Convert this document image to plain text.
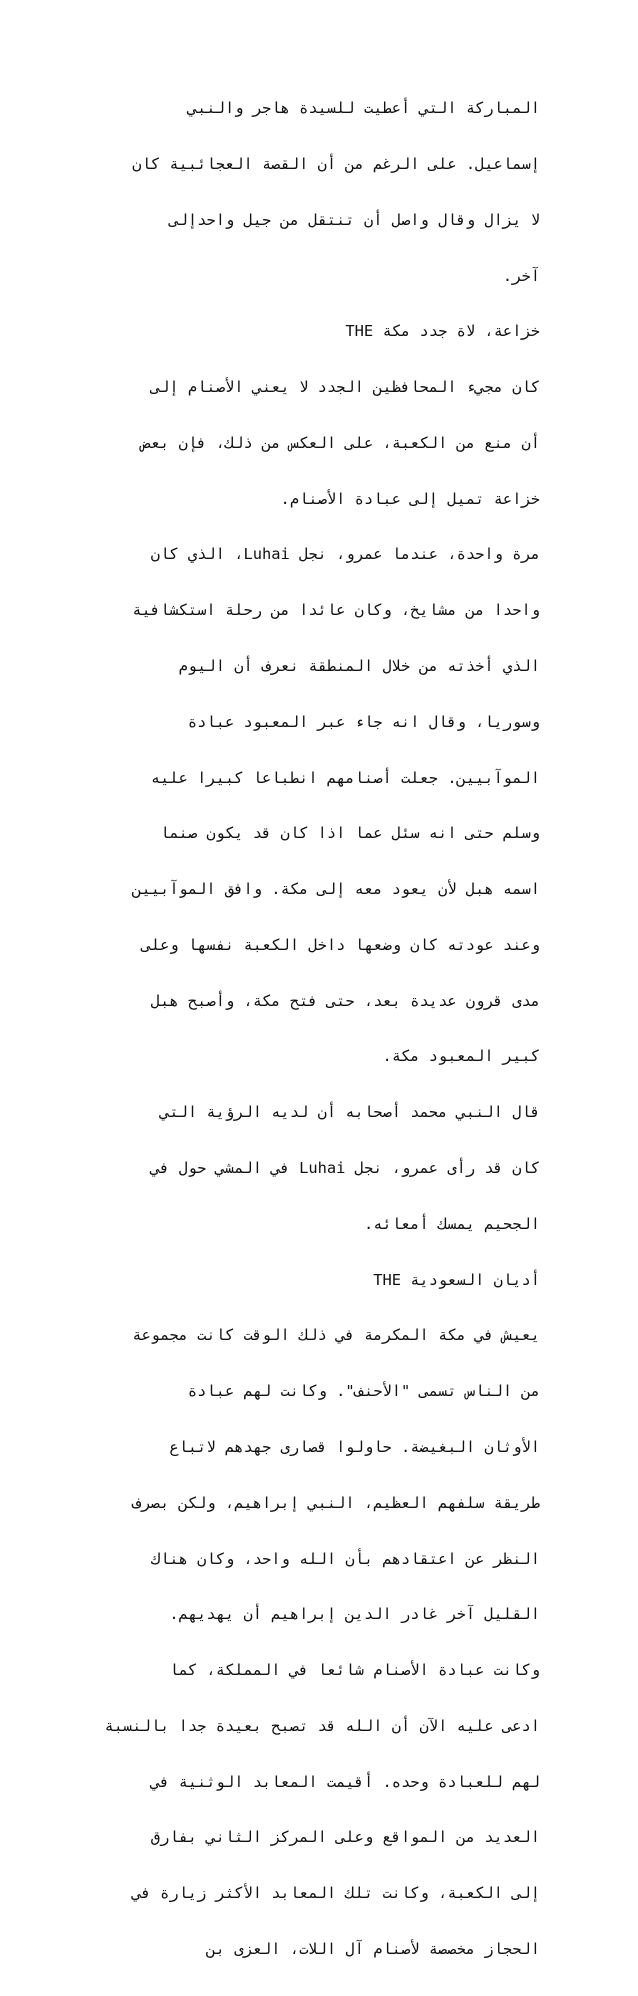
المباركة التي أعطيت للسيدة هاجر والنبي

إسماعيل. على الرغم من أن القصة العجائبية كان

لا يزال وقال واصل أن تنتقل من جيل واحدإلى

آخر.

THE خزاعة، لاة جدد مكة

كان مجيء المحافظين الجدد لا يعني الأصنام إلى

أن منع من الكعبة، على العكس من ذلك، فإن بعض

خزاعة تميل إلى عبادة الأصنام.

مرة واحدة، عندما عمرو، نجل Luhai، الذي كان

واحدا من مشايخ، وكان عائدا من رحلة استكشافية

الذي أخذته من خلال المنطقة نعرف أن اليوم

وسوريا، وقال انه جاء عبر المعبود عبادة

الموآبيين. جعلت أصنامهم انطباعا كبيرا عليه

وسلم حتى انه سئل عما اذا كان قد يكون صنما

اسمه هبل لأن يعود معه إلى مكة. وافق الموآبيين

وعند عودته كان وضعها داخل الكعبة نفسها وعلى

مدى قرون عديدة بعد، حتى فتح مكة، وأصبح هبل

كبير المعبود مكة.

قال النبي محمد أصحابه أن لديه الرؤية التي

كان قد رأى عمرو، نجل Luhai في المشي حول في

الجحيم يمسك أمعائه.

THE أديان السعودية

يعيش في مكة المكرمة في ذلك الوقت كانت مجموعة

من الناس تسمى "الأحنف". وكانت لهم عبادة

الأوثان البغيضة. حاولوا قصارى جهدهم لاتباع

طريقة سلفهم العظيم، النبي إبراهيم، ولكن بصرف

النظر عن اعتقادهم بأن الله واحد، وكان هناك

القليل آخر غادر الدين إبراهيم أن يهديهم.

وكانت عبادة الأصنام شائعا في المملكة، كما

ادعى عليه الآن أن الله قد تصبح بعيدة جدا بالنسبة

لهم للعبادة وحده. أقيمت المعابد الوثنية في

العديد من المواقع وعلى المركز الثاني بفارق

إلى الكعبة، وكانت تلك المعابد الأكثر زيارة في

الحجاز مخصصة لأصنام آل اللات، العزى بن
